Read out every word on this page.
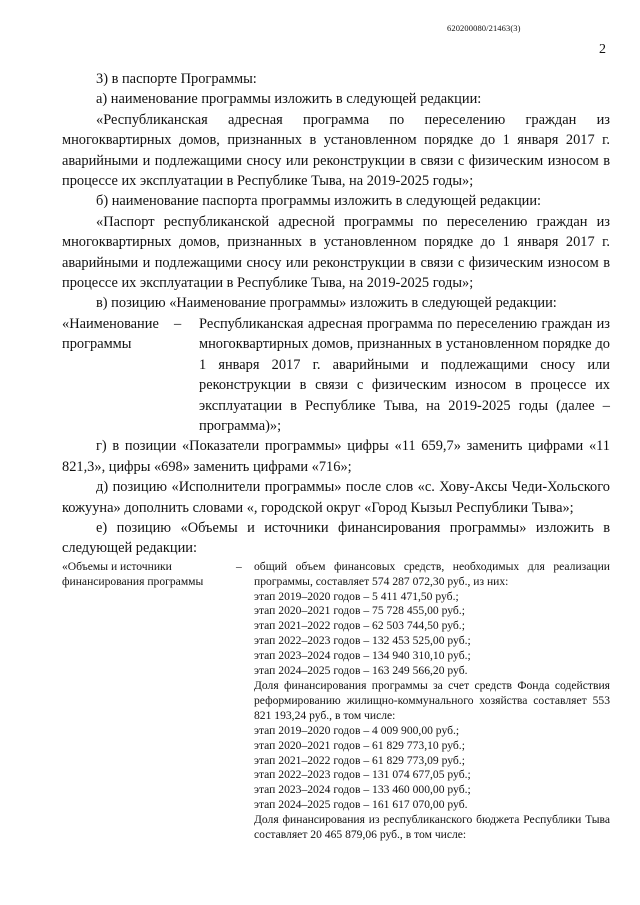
620200080/21463(3)
2

3) в паспорте Программы:

а) наименование программы изложить в следующей редакции:

«Республиканская адресная программа по переселению граждан из многоквартирных домов, признанных в установленном порядке до 1 января 2017 г. аварийными и подлежащими сносу или реконструкции в связи с физическим износом в процессе их эксплуатации в Республике Тыва, на 2019-2025 годы»;

б) наименование паспорта программы изложить в следующей редакции:

«Паспорт республиканской адресной программы по переселению граждан из многоквартирных домов, признанных в установленном порядке до 1 января 2017 г. аварийными и подлежащими сносу или реконструкции в связи с физическим износом в процессе их эксплуатации в Республике Тыва, на 2019-2025 годы»;

в) позицию «Наименование программы» изложить в следующей редакции:

«Наименование программы
–	Республиканская адресная программа по переселению граждан из многоквартирных домов, признанных в установленном порядке до 1 января 2017 г. аварийными и подлежащими сносу или реконструкции в связи с физическим износом в процессе их эксплуатации в Республике Тыва, на 2019-2025 годы (далее – программа)»;

г) в позиции «Показатели программы» цифры «11 659,7» заменить цифрами «11 821,3», цифры «698» заменить цифрами «716»;

д) позицию «Исполнители программы» после слов «с. Хову-Аксы Чеди-Хольского кожууна» дополнить словами «, городской округ «Город Кызыл Республики Тыва»;

е) позицию «Объемы и источники финансирования программы» изложить в следующей редакции:

«Объемы и источники финансирования программы
–	общий объем финансовых средств, необходимых для реализации программы, составляет 574 287 072,30 руб., из них:
этап 2019–2020 годов – 5 411 471,50 руб.;
этап 2020–2021 годов – 75 728 455,00 руб.;
этап 2021–2022 годов – 62 503 744,50 руб.;
этап 2022–2023 годов – 132 453 525,00 руб.;
этап 2023–2024 годов – 134 940 310,10 руб.;
этап 2024–2025 годов – 163 249 566,20 руб.
Доля финансирования программы за счет средств Фонда содействия реформированию жилищно-коммунального хозяйства составляет 553 821 193,24 руб., в том числе:
этап 2019–2020 годов – 4 009 900,00 руб.;
этап 2020–2021 годов – 61 829 773,10 руб.;
этап 2021–2022 годов – 61 829 773,09 руб.;
этап 2022–2023 годов – 131 074 677,05 руб.;
этап 2023–2024 годов – 133 460 000,00 руб.;
этап 2024–2025 годов – 161 617 070,00 руб.
Доля финансирования из республиканского бюджета Республики Тыва составляет 20 465 879,06 руб., в том числе:
